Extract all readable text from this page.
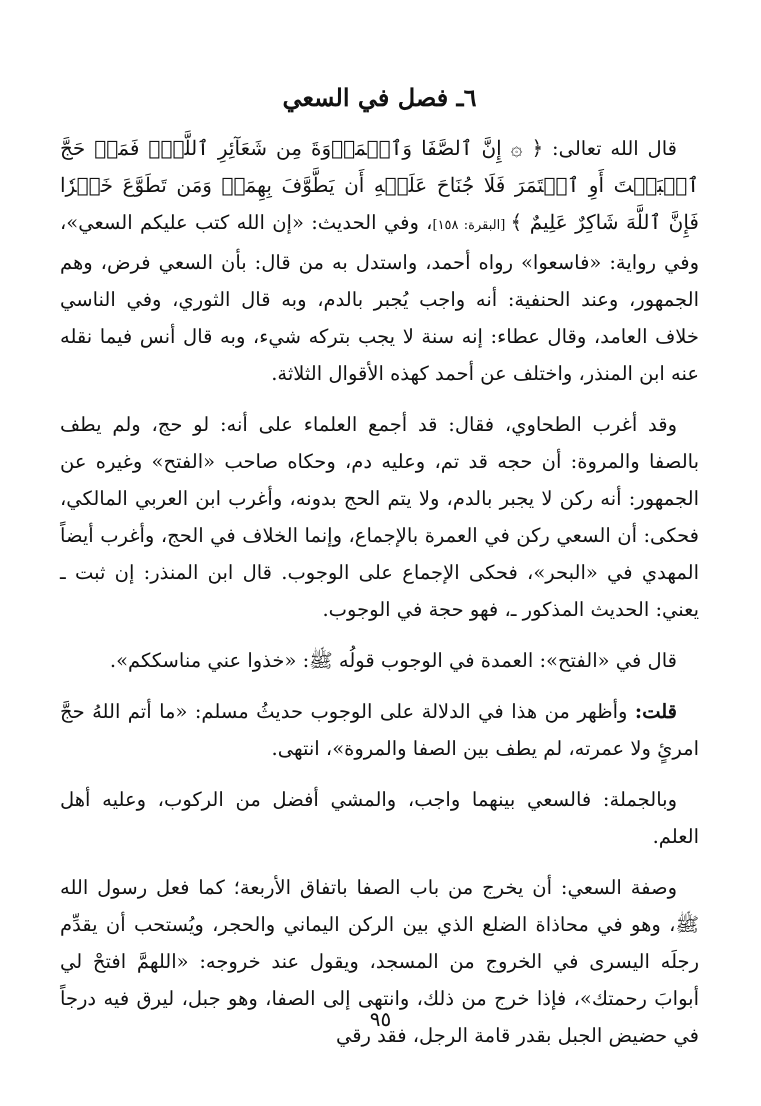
٦ـ فصل في السعي

قال الله تعالى: ﴿ ۞ إِنَّ ٱلصَّفَا وَٱلۡمَرۡوَةَ مِن شَعَآئِرِ ٱللَّهِۖ فَمَنۡ حَجَّ ٱلۡبَيۡتَ أَوِ ٱعۡتَمَرَ فَلَا جُنَاحَ عَلَيۡهِ أَن يَطَّوَّفَ بِهِمَاۚ وَمَن تَطَوَّعَ خَيۡرٗا فَإِنَّ ٱللَّهَ شَاكِرٌ عَلِيمٌ ﴾ [البقرة: ١٥٨]، وفي الحديث: «إن الله كتب عليكم السعي»، وفي رواية: «فاسعوا» رواه أحمد، واستدل به من قال: بأن السعي فرض، وهم الجمهور، وعند الحنفية: أنه واجب يُجبر بالدم، وبه قال الثوري، وفي الناسي خلاف العامد، وقال عطاء: إنه سنة لا يجب بتركه شيء، وبه قال أنس فيما نقله عنه ابن المنذر، واختلف عن أحمد كهذه الأقوال الثلاثة.

وقد أغرب الطحاوي، فقال: قد أجمع العلماء على أنه: لو حج، ولم يطف بالصفا والمروة: أن حجه قد تم، وعليه دم، وحكاه صاحب «الفتح» وغيره عن الجمهور: أنه ركن لا يجبر بالدم، ولا يتم الحج بدونه، وأغرب ابن العربي المالكي، فحكى: أن السعي ركن في العمرة بالإجماع، وإنما الخلاف في الحج، وأغرب أيضاً المهدي في «البحر»، فحكى الإجماع على الوجوب. قال ابن المنذر: إن ثبت ـ يعني: الحديث المذكور ـ، فهو حجة في الوجوب.

قال في «الفتح»: العمدة في الوجوب قولُه ﷺ: «خذوا عني مناسككم».

قلت: وأظهر من هذا في الدلالة على الوجوب حديثُ مسلم: «ما أتم اللهُ حجَّ امرئٍ ولا عمرته، لم يطف بين الصفا والمروة»، انتهى.

وبالجملة: فالسعي بينهما واجب، والمشي أفضل من الركوب، وعليه أهل العلم.

وصفة السعي: أن يخرج من باب الصفا باتفاق الأربعة؛ كما فعل رسول الله ﷺ، وهو في محاذاة الضلع الذي بين الركن اليماني والحجر، ويُستحب أن يقدِّم رجلَه اليسرى في الخروج من المسجد، ويقول عند خروجه: «اللهمَّ افتحْ لي أبوابَ رحمتك»، فإذا خرج من ذلك، وانتهى إلى الصفا، وهو جبل، ليرق فيه درجاً في حضيض الجبل بقدر قامة الرجل، فقد رقي

٩٥
